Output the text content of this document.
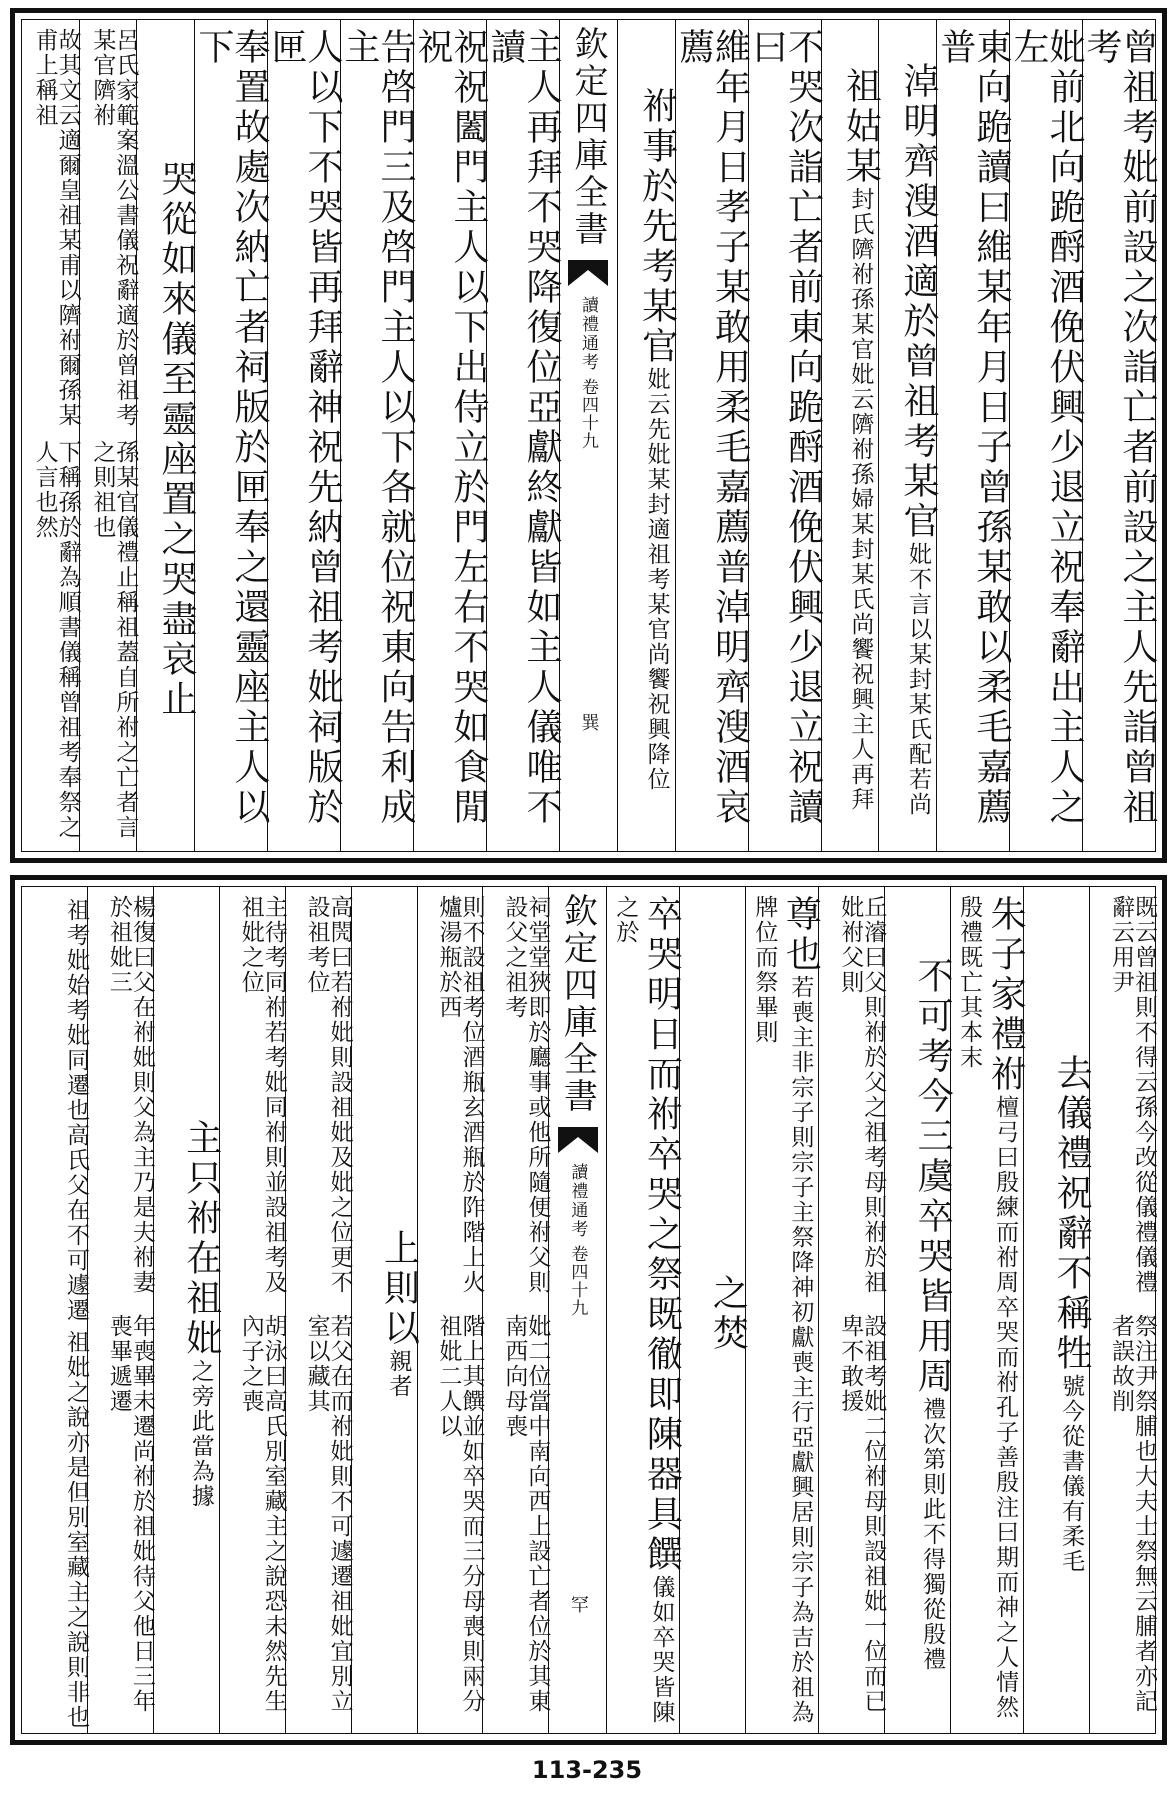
曾祖考妣前設之次詣亡者前設之主人先詣曾祖考
妣前北向跪酹酒俛伏興少退立祝奉辭出主人之左
東向跪讀曰維某年月日子曾孫某敢以柔毛嘉薦普
淖明齊溲酒適於曾祖考某官妣不言以某封某氏配若尚
祖姑某封氏隮祔孫某官妣云隮祔孫婦某封某氏尚饗祝興主人再拜
不哭次詣亡者前東向跪酹酒俛伏興少退立祝讀曰
維年月日孝子某敢用柔毛嘉薦普淖明齊溲酒哀薦
祔事於先考某官妣云先妣某封適祖考某官尚饗祝興降位
欽定四庫全書
讀禮通考
卷四十九
巽
主人再拜不哭降復位亞獻終獻皆如主人儀唯不讀
祝祝闔門主人以下出侍立於門左右不哭如食閒祝
告啓門三及啓門主人以下各就位祝東向告利成主
人以下不哭皆再拜辭神祝先納曾祖考妣祠版於匣
奉置故處次納亡者祠版於匣奉之還靈座主人以下
哭從如來儀至靈座置之哭盡哀止
呂氏家範案溫公書儀祝辭適於曾祖考某官隮祔
孫某官儀禮止稱祖蓋自所祔之亡者言之則祖也
故其文云適爾皇祖某甫以隮祔爾孫某甫上稱祖
下稱孫於辭為順書儀稱曾祖考奉祭之人言也然
既云曾祖則不得云孫今改從儀禮儀禮辭云用尹
祭注尹祭脯也大夫士祭無云脯者亦記者誤故削
去儀禮祝辭不稱牲號今從書儀有柔毛
朱子家禮祔檀弓曰殷練而祔周卒哭而祔孔子善殷注曰期而神之人情然殷禮既亡其本末
不可考今三虞卒哭皆用周禮次第則此不得獨從殷禮
丘濬曰父則祔於父之祖考母則祔於祖妣祔父則
設祖考妣二位祔母則設祖妣一位而已卑不敢援
尊也若喪主非宗子則宗子主祭降神初獻喪主行亞獻興居則宗子為吉於祖為牌位而祭畢則
之焚
卒哭明日而祔卒哭之祭既徹即陳器具饌儀如卒哭皆陳之於
欽定四庫全書
讀禮通考
卷四十九
罕
祠堂堂狹即於廳事或他所隨便祔父則設父之祖考
妣二位當中南向西上設亡者位於其東南西向母喪
則不設祖考位酒瓶玄酒瓶於阼階上火爐湯瓶於西
階上其饌並如卒哭而三分母喪則兩分祖妣二人以
上則以親者
高閌曰若祔妣則設祖妣及妣之位更不設祖考位
若父在而祔妣則不可遽遷祖妣宜別立室以藏其
主待考同祔若考妣同祔則並設祖考及祖妣之位
胡泳曰高氏別室藏主之說恐未然先生內子之喪
主只祔在祖妣之旁此當為據
楊復曰父在祔妣則父為主乃是夫祔妻於祖妣三
年喪畢未遷尚祔於祖妣待父他日三年喪畢遞遷
祖考妣始考妣同遷也高氏父在不可遽遷
祖妣之說亦是但別室藏主之說則非也
113-235
